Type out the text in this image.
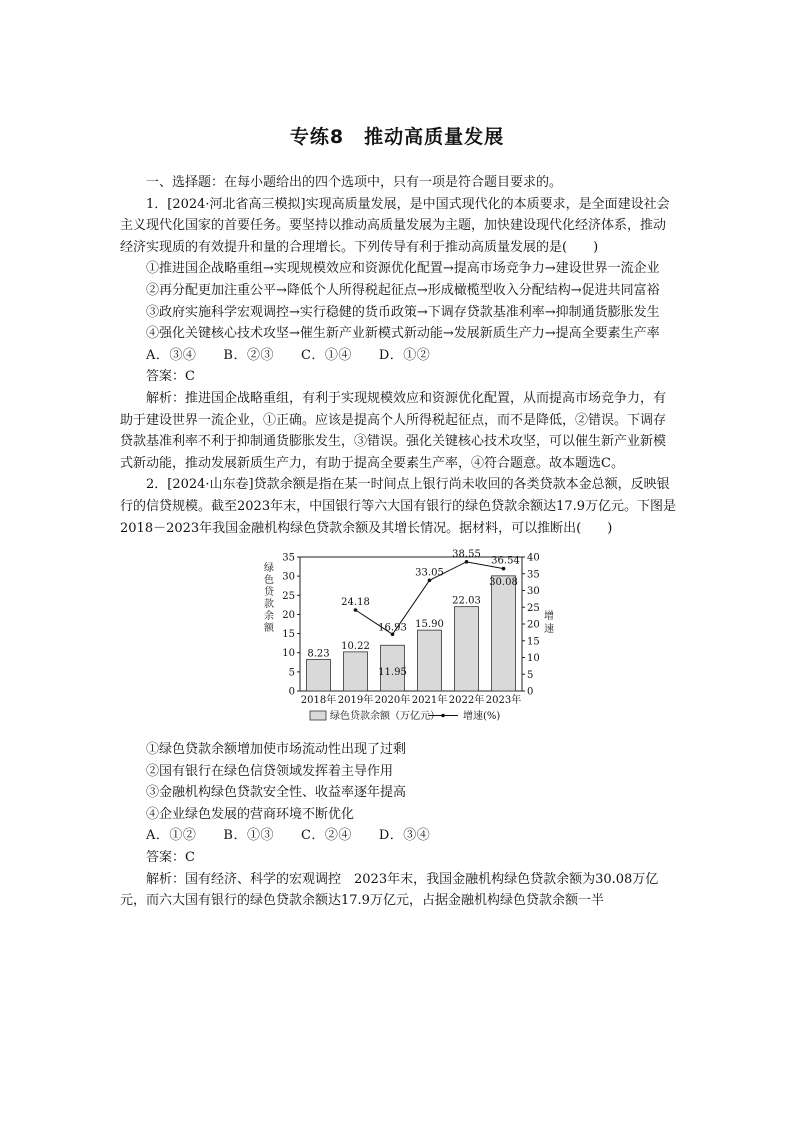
专练8　推动高质量发展

一、选择题：在每小题给出的四个选项中，只有一项是符合题目要求的。

1．[2024·河北省高三模拟]实现高质量发展，是中国式现代化的本质要求，是全面建设社会主义现代化国家的首要任务。要坚持以推动高质量发展为主题，加快建设现代化经济体系，推动经济实现质的有效提升和量的合理增长。下列传导有利于推动高质量发展的是(　　)

①推进国企战略重组→实现规模效应和资源优化配置→提高市场竞争力→建设世界一流企业

②再分配更加注重公平→降低个人所得税起征点→形成橄榄型收入分配结构→促进共同富裕

③政府实施科学宏观调控→实行稳健的货币政策→下调存贷款基准利率→抑制通货膨胀发生

④强化关键核心技术攻坚→催生新产业新模式新动能→发展新质生产力→提高全要素生产率

A．③④　　B．②③　　C．①④　　D．①②

答案：C

解析：推进国企战略重组，有利于实现规模效应和资源优化配置，从而提高市场竞争力，有助于建设世界一流企业，①正确。应该是提高个人所得税起征点，而不是降低，②错误。下调存贷款基准利率不利于抑制通货膨胀发生，③错误。强化关键核心技术攻坚，可以催生新产业新模式新动能，推动发展新质生产力，有助于提高全要素生产率，④符合题意。故本题选C。

2．[2024·山东卷]贷款余额是指在某一时间点上银行尚未收回的各类贷款本金总额，反映银行的信贷规模。截至2023年末，中国银行等六大国有银行的绿色贷款余额达17.9万亿元。下图是2018－2023年我国金融机构绿色贷款余额及其增长情况。据材料，可以推断出(　　)

0
5
10
15
20
25
30
35
0
5
10
15
20
25
30
35
40
绿
色
贷
款
余
额
增
速
8.23
2018年
10.22
2019年
11.95
2020年
15.90
2021年
22.03
2022年
30.08
2023年
24.18
16.93
33.05
38.55
36.54
绿色贷款余额（万亿元） 增速(%)

①绿色贷款余额增加使市场流动性出现了过剩

②国有银行在绿色信贷领域发挥着主导作用

③金融机构绿色贷款安全性、收益率逐年提高

④企业绿色发展的营商环境不断优化

A．①②　　B．①③　　C．②④　　D．③④

答案：C

解析：国有经济、科学的宏观调控　2023年末，我国金融机构绿色贷款余额为30.08万亿元，而六大国有银行的绿色贷款余额达17.9万亿元，占据金融机构绿色贷款余额一半
